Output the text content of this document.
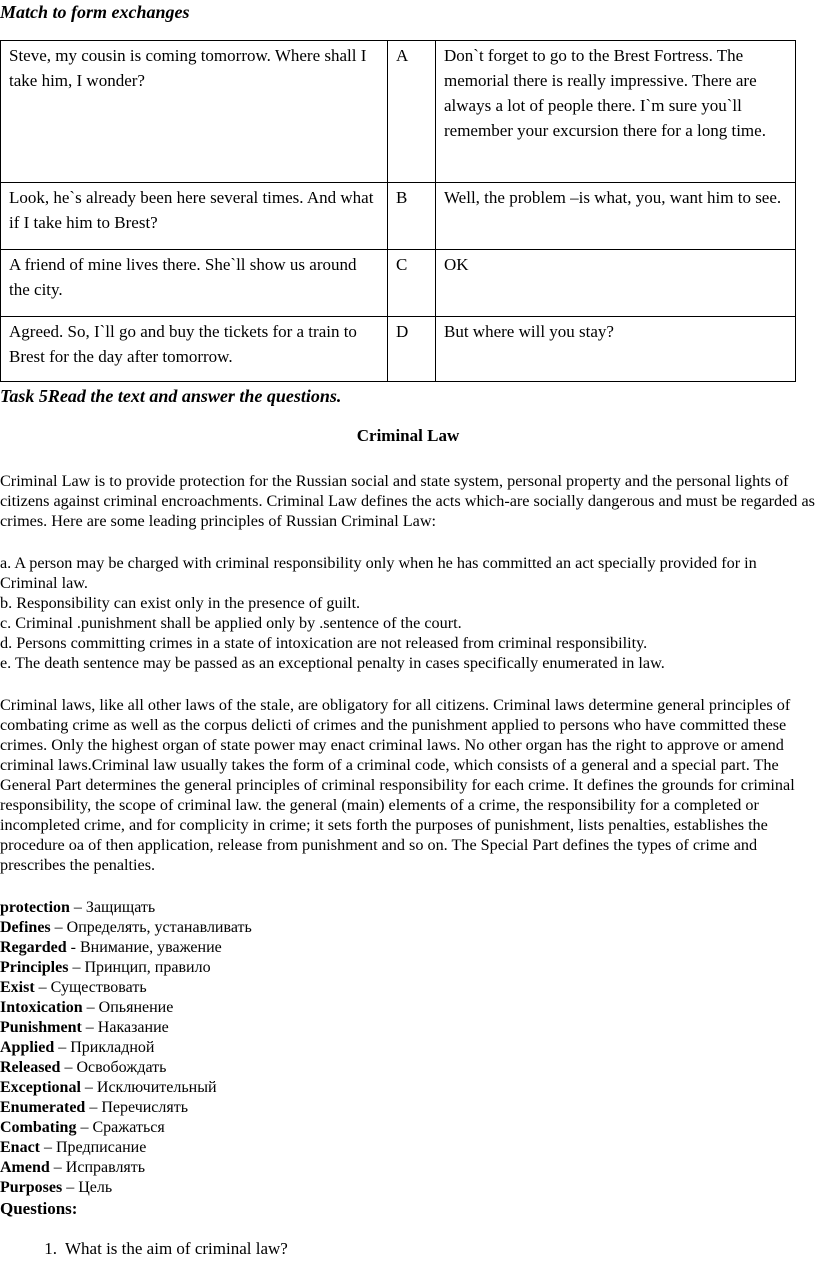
Match to form exchanges

Steve, my cousin is coming tomorrow. Where shall I take him, I wonder?	A	Don`t forget to go to the Brest Fortress. The memorial there is really impressive. There are always a lot of people there. I`m sure you`ll remember your excursion there for a long time.
Look, he`s already been here several times. And what if I take him to Brest?	B	Well, the problem –is what, you, want him to see.
A friend of mine lives there. She`ll show us around the city.	C	OK
Agreed. So, I`ll go and buy the tickets for a train to Brest for the day after tomorrow.	D	But where will you stay?

Task 5Read the text and answer the questions.

Criminal Law

Criminal Law is to provide protection for the Russian social and state system, personal property and the personal lights of citizens against criminal encroachments. Criminal Law defines the acts which-are socially dangerous and must be regarded as crimes. Here are some leading principles of Russian Criminal Law:

a. A person may be charged with criminal responsibility only when he has committed an act specially provided for in Criminal law.
b. Responsibility can exist only in the presence of guilt.
c. Criminal .punishment shall be applied only by .sentence of the court.
d. Persons committing crimes in a state of intoxication are not released from criminal responsibility.
e. The death sentence may be passed as an exceptional penalty in cases specifically enumerated in law.

Criminal laws, like all other laws of the stale, are obligatory for all citizens. Criminal laws determine general principles of combating crime as well as the corpus delicti of crimes and the punishment applied to persons who have committed these crimes. Only the highest organ of state power may enact criminal laws. No other organ has the right to approve or amend criminal laws.Criminal law usually takes the form of a criminal code, which consists of a general and a special part. The General Part determines the general principles of criminal responsibility for each crime. It defines the grounds for criminal responsibility, the scope of criminal law. the general (main) elements of a crime, the responsibility for a completed or incompleted crime, and for complicity in crime; it sets forth the purposes of punishment, lists penalties, establishes the procedure oa of then application, release from punishment and so on. The Special Part defines the types of crime and prescribes the penalties.

protection – Защищать
Defines – Определять, устанавливать
Regarded - Внимание, уважение
Principles – Принцип, правило
Exist – Существовать
Intoxication – Опьянение
Punishment – Наказание
Applied – Прикладной
Released – Освобождать
Exceptional – Исключительный
Enumerated – Перечислять
Combating – Сражаться
Enact – Предписание
Amend – Исправлять
Purposes – Цель
Questions:
1. What is the aim of criminal law?
